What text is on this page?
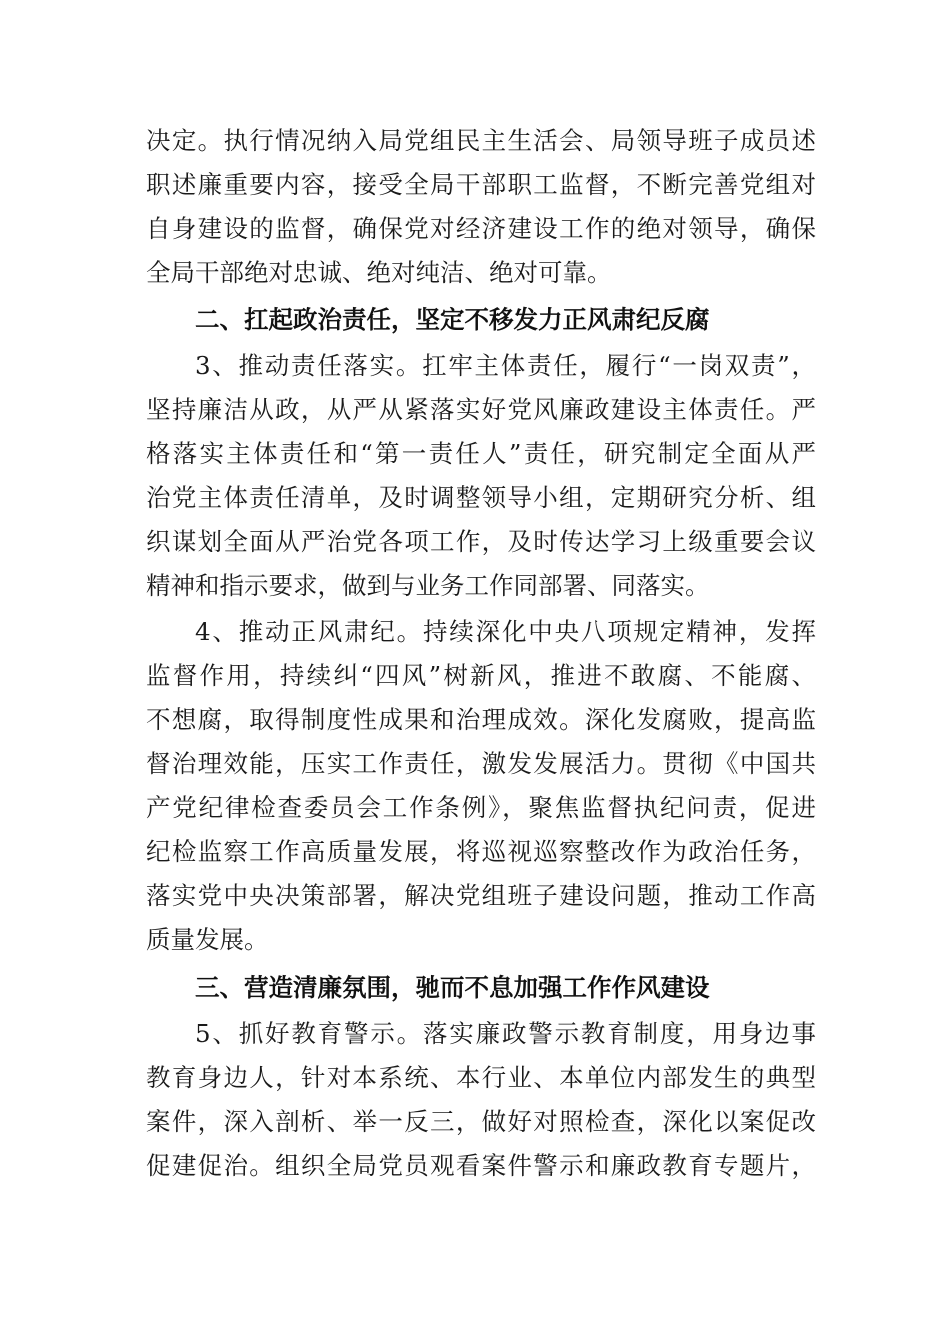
决定。执行情况纳入局党组民主生活会、局领导班子成员述
职述廉重要内容，接受全局干部职工监督，不断完善党组对
自身建设的监督，确保党对经济建设工作的绝对领导，确保
全局干部绝对忠诚、绝对纯洁、绝对可靠。
二、扛起政治责任，坚定不移发力正风肃纪反腐
3、推动责任落实。扛牢主体责任，履行“一岗双责”，
坚持廉洁从政，从严从紧落实好党风廉政建设主体责任。严
格落实主体责任和“第一责任人”责任，研究制定全面从严
治党主体责任清单，及时调整领导小组，定期研究分析、组
织谋划全面从严治党各项工作，及时传达学习上级重要会议
精神和指示要求，做到与业务工作同部署、同落实。
4、推动正风肃纪。持续深化中央八项规定精神，发挥
监督作用，持续纠“四风”树新风，推进不敢腐、不能腐、
不想腐，取得制度性成果和治理成效。深化发腐败，提高监
督治理效能，压实工作责任，激发发展活力。贯彻《中国共
产党纪律检查委员会工作条例》，聚焦监督执纪问责，促进
纪检监察工作高质量发展，将巡视巡察整改作为政治任务，
落实党中央决策部署，解决党组班子建设问题，推动工作高
质量发展。
三、营造清廉氛围，驰而不息加强工作作风建设
5、抓好教育警示。落实廉政警示教育制度，用身边事
教育身边人，针对本系统、本行业、本单位内部发生的典型
案件，深入剖析、举一反三，做好对照检查，深化以案促改
促建促治。组织全局党员观看案件警示和廉政教育专题片，
